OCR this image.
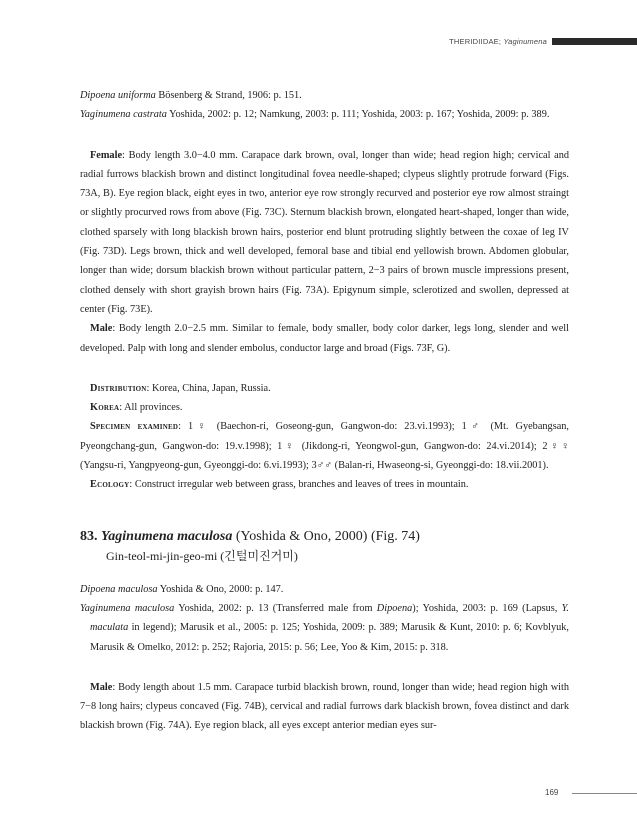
THERIDIIDAE; Yaginumena

Dipoena uniforma Bösenberg & Strand, 1906: p. 151.

Yaginumena castrata Yoshida, 2002: p. 12; Namkung, 2003: p. 111; Yoshida, 2003: p. 167; Yoshida, 2009: p. 389.

Female: Body length 3.0−4.0 mm. Carapace dark brown, oval, longer than wide; head region high; cervical and radial furrows blackish brown and distinct longitudinal fovea needle-shaped; clypeus slightly protrude forward (Figs. 73A, B). Eye region black, eight eyes in two, anterior eye row strongly recurved and posterior eye row almost straingt or slightly procurved rows from above (Fig. 73C). Sternum blackish brown, elongated heart-shaped, longer than wide, clothed sparsely with long blackish brown hairs, posterior end blunt protruding slightly between the coxae of leg IV (Fig. 73D). Legs brown, thick and well developed, femoral base and tibial end yellowish brown. Abdomen globular, longer than wide; dorsum blackish brown without particular pattern, 2−3 pairs of brown muscle impressions present, clothed densely with short grayish brown hairs (Fig. 73A). Epigynum simple, sclerotized and swollen, depressed at center (Fig. 73E).

Male: Body length 2.0−2.5 mm. Similar to female, body smaller, body color darker, legs long, slender and well developed. Palp with long and slender embolus, conductor large and broad (Figs. 73F, G).

Distribution: Korea, China, Japan, Russia.

Korea: All provinces.

Specimen examined: 1♀ (Baechon-ri, Goseong-gun, Gangwon-do: 23.vi.1993); 1♂ (Mt. Gyebangsan, Pyeongchang-gun, Gangwon-do: 19.v.1998); 1♀ (Jikdong-ri, Yeongwol-gun, Gangwon-do: 24.vi.2014); 2♀♀ (Yangsu-ri, Yangpyeong-gun, Gyeonggi-do: 6.vi.1993); 3♂♂ (Balan-ri, Hwaseong-si, Gyeonggi-do: 18.vii.2001).

Ecology: Construct irregular web between grass, branches and leaves of trees in mountain.

83. Yaginumena maculosa (Yoshida & Ono, 2000) (Fig. 74)

Gin-teol-mi-jin-geo-mi (긴털미진거미)

Dipoena maculosa Yoshida & Ono, 2000: p. 147.

Yaginumena maculosa Yoshida, 2002: p. 13 (Transferred male from Dipoena); Yoshida, 2003: p. 169 (Lapsus, Y. maculata in legend); Marusik et al., 2005: p. 125; Yoshida, 2009: p. 389; Marusik & Kunt, 2010: p. 6; Kovblyuk, Marusik & Omelko, 2012: p. 252; Rajoria, 2015: p. 56; Lee, Yoo & Kim, 2015: p. 318.

Male: Body length about 1.5 mm. Carapace turbid blackish brown, round, longer than wide; head region high with 7−8 long hairs; clypeus concaved (Fig. 74B), cervical and radial furrows dark blackish brown, fovea distinct and dark blackish brown (Fig. 74A). Eye region black, all eyes except anterior median eyes sur-

169
